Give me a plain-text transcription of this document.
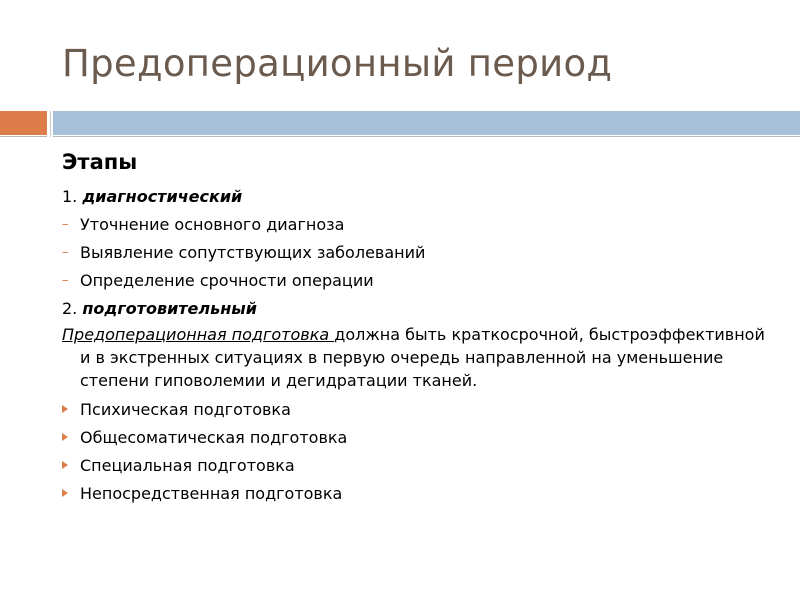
Предоперационный период
Этапы
1. диагностический
– Уточнение основного диагноза
– Выявление сопутствующих заболеваний
– Определение срочности операции
2. подготовительный
Предоперационная подготовка должна быть краткосрочной, быстроэффективной и в экстренных ситуациях в первую очередь направленной на уменьшение степени гиповолемии и дегидратации тканей.
Психическая подготовка
Общесоматическая подготовка
Специальная подготовка
Непосредственная подготовка
